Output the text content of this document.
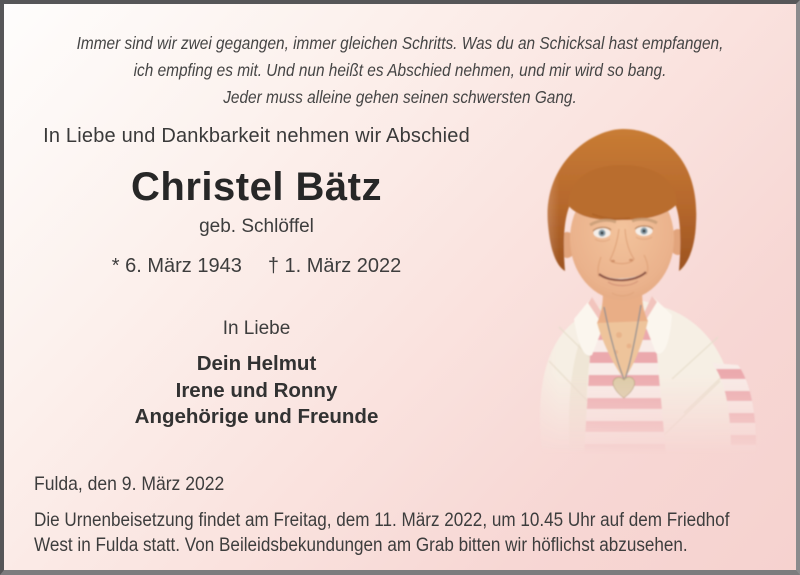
Immer sind wir zwei gegangen, immer gleichen Schritts. Was du an Schicksal hast empfangen,
ich empfing es mit. Und nun heißt es Abschied nehmen, und mir wird so bang.
Jeder muss alleine gehen seinen schwersten Gang.
In Liebe und Dankbarkeit nehmen wir Abschied
Christel Bätz
geb. Schlöffel
* 6. März 1943 † 1. März 2022
In Liebe
Dein Helmut
Irene und Ronny
Angehörige und Freunde
Fulda, den 9. März 2022
Die Urnenbeisetzung findet am Freitag, dem 11. März 2022, um 10.45 Uhr auf dem Friedhof
West in Fulda statt. Von Beileidsbekundungen am Grab bitten wir höflichst abzusehen.
